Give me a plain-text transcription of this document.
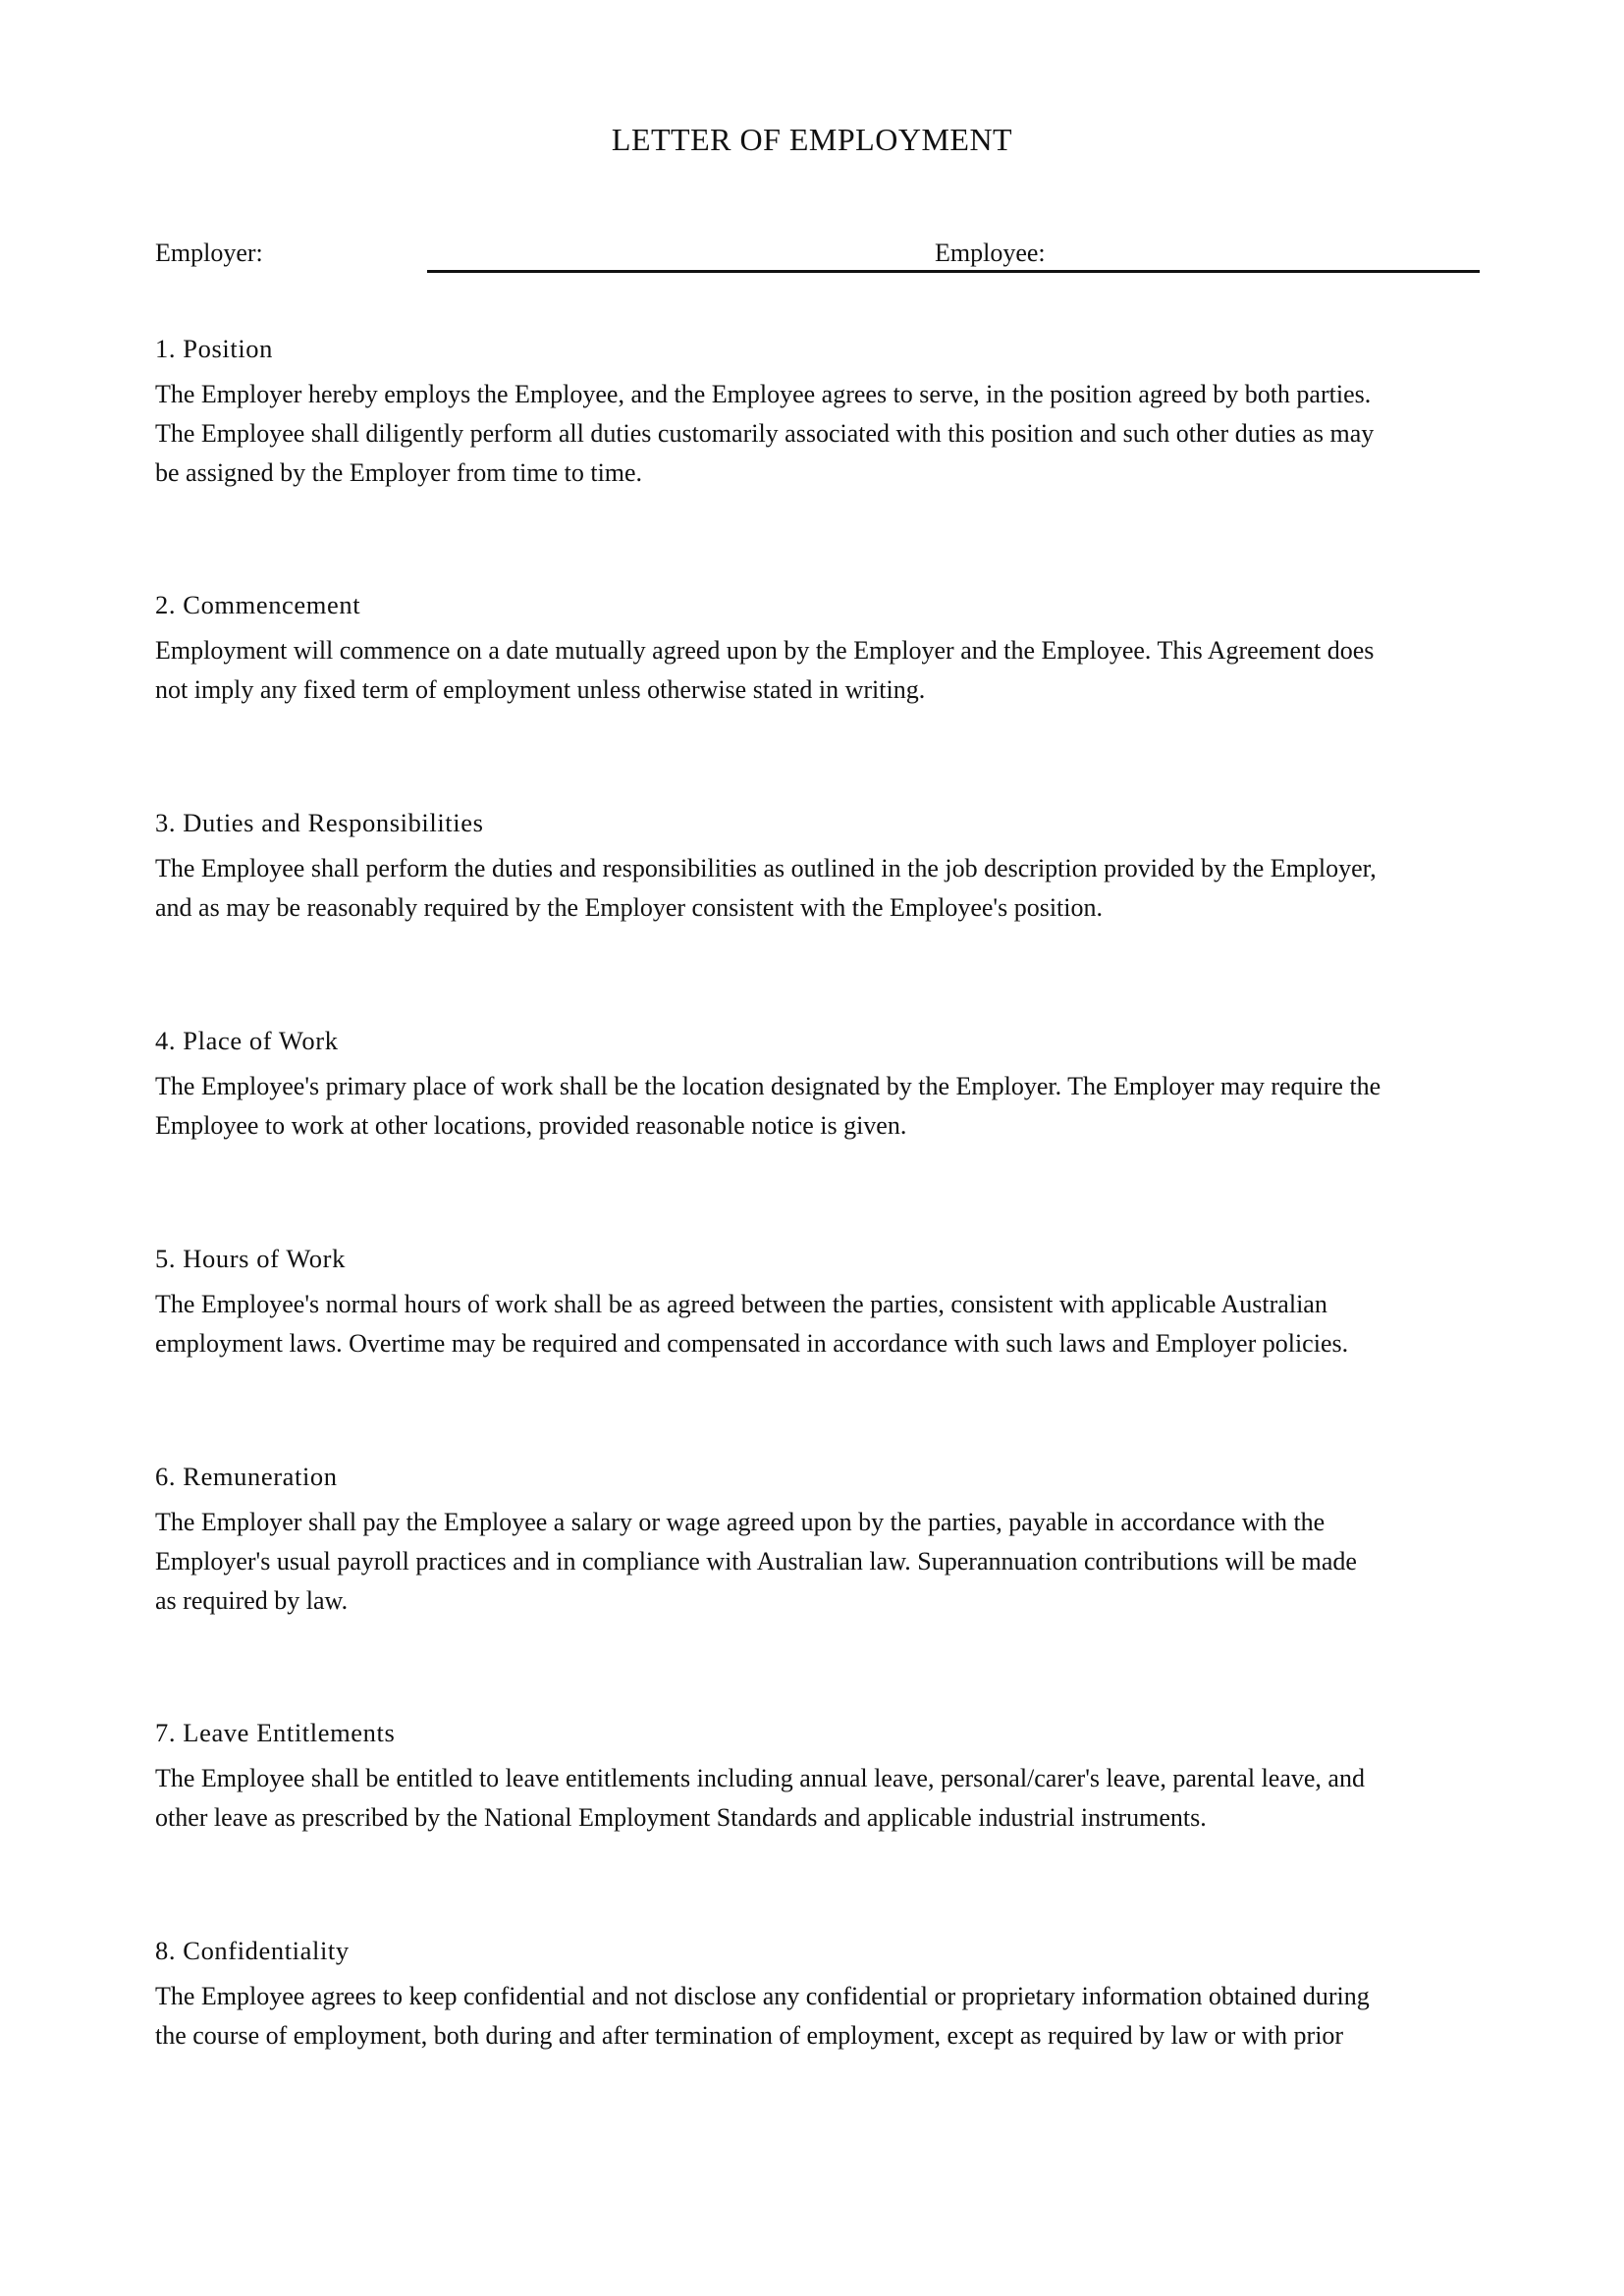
LETTER OF EMPLOYMENT
Employer:	Employee:
1. Position
The Employer hereby employs the Employee, and the Employee agrees to serve, in the position agreed by both parties.
The Employee shall diligently perform all duties customarily associated with this position and such other duties as may
be assigned by the Employer from time to time.
2. Commencement
Employment will commence on a date mutually agreed upon by the Employer and the Employee. This Agreement does
not imply any fixed term of employment unless otherwise stated in writing.
3. Duties and Responsibilities
The Employee shall perform the duties and responsibilities as outlined in the job description provided by the Employer,
and as may be reasonably required by the Employer consistent with the Employee's position.
4. Place of Work
The Employee's primary place of work shall be the location designated by the Employer. The Employer may require the
Employee to work at other locations, provided reasonable notice is given.
5. Hours of Work
The Employee's normal hours of work shall be as agreed between the parties, consistent with applicable Australian
employment laws. Overtime may be required and compensated in accordance with such laws and Employer policies.
6. Remuneration
The Employer shall pay the Employee a salary or wage agreed upon by the parties, payable in accordance with the
Employer's usual payroll practices and in compliance with Australian law. Superannuation contributions will be made
as required by law.
7. Leave Entitlements
The Employee shall be entitled to leave entitlements including annual leave, personal/carer's leave, parental leave, and
other leave as prescribed by the National Employment Standards and applicable industrial instruments.
8. Confidentiality
The Employee agrees to keep confidential and not disclose any confidential or proprietary information obtained during
the course of employment, both during and after termination of employment, except as required by law or with prior
